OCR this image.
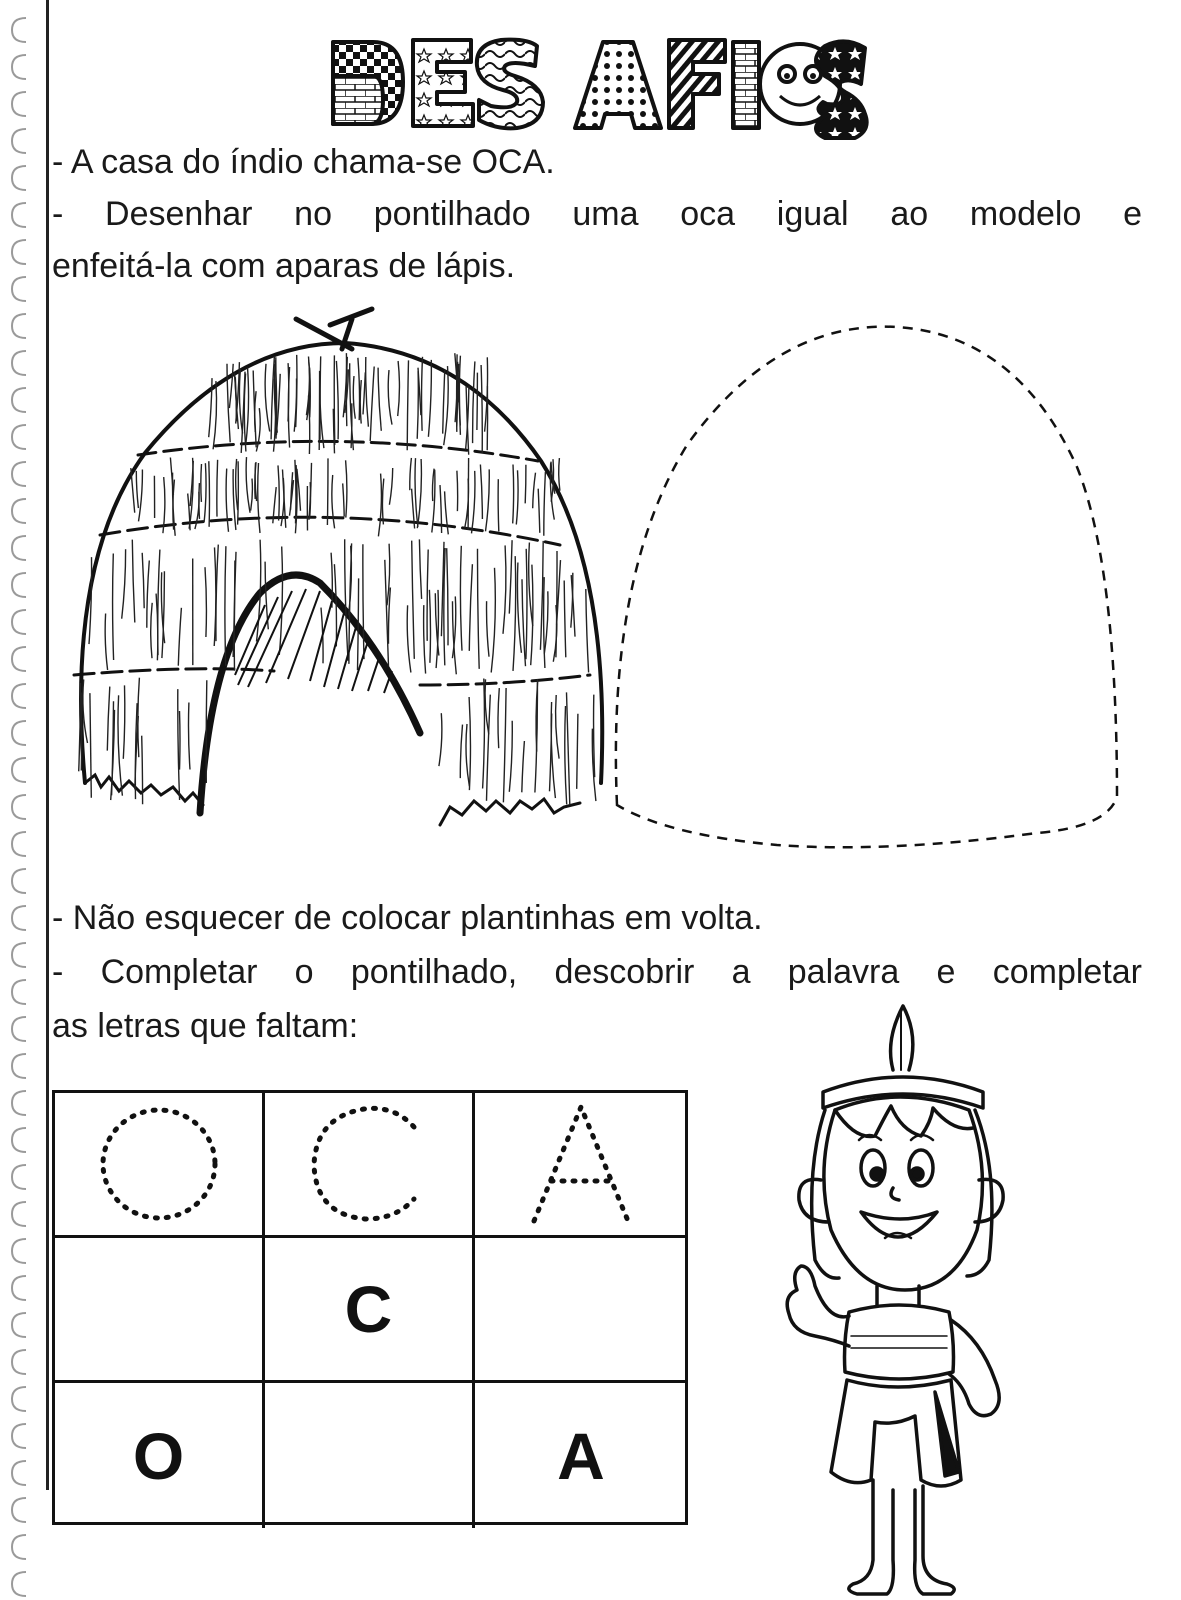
- A casa do índio chama-se OCA.
- Desenhar no pontilhado uma oca igual ao modelo e
enfeitá-la com aparas de lápis.
- Não esquecer de colocar plantinhas em volta.
- Completar o pontilhado, descobrir a palavra e completar
as letras que faltam:
C
O	A
